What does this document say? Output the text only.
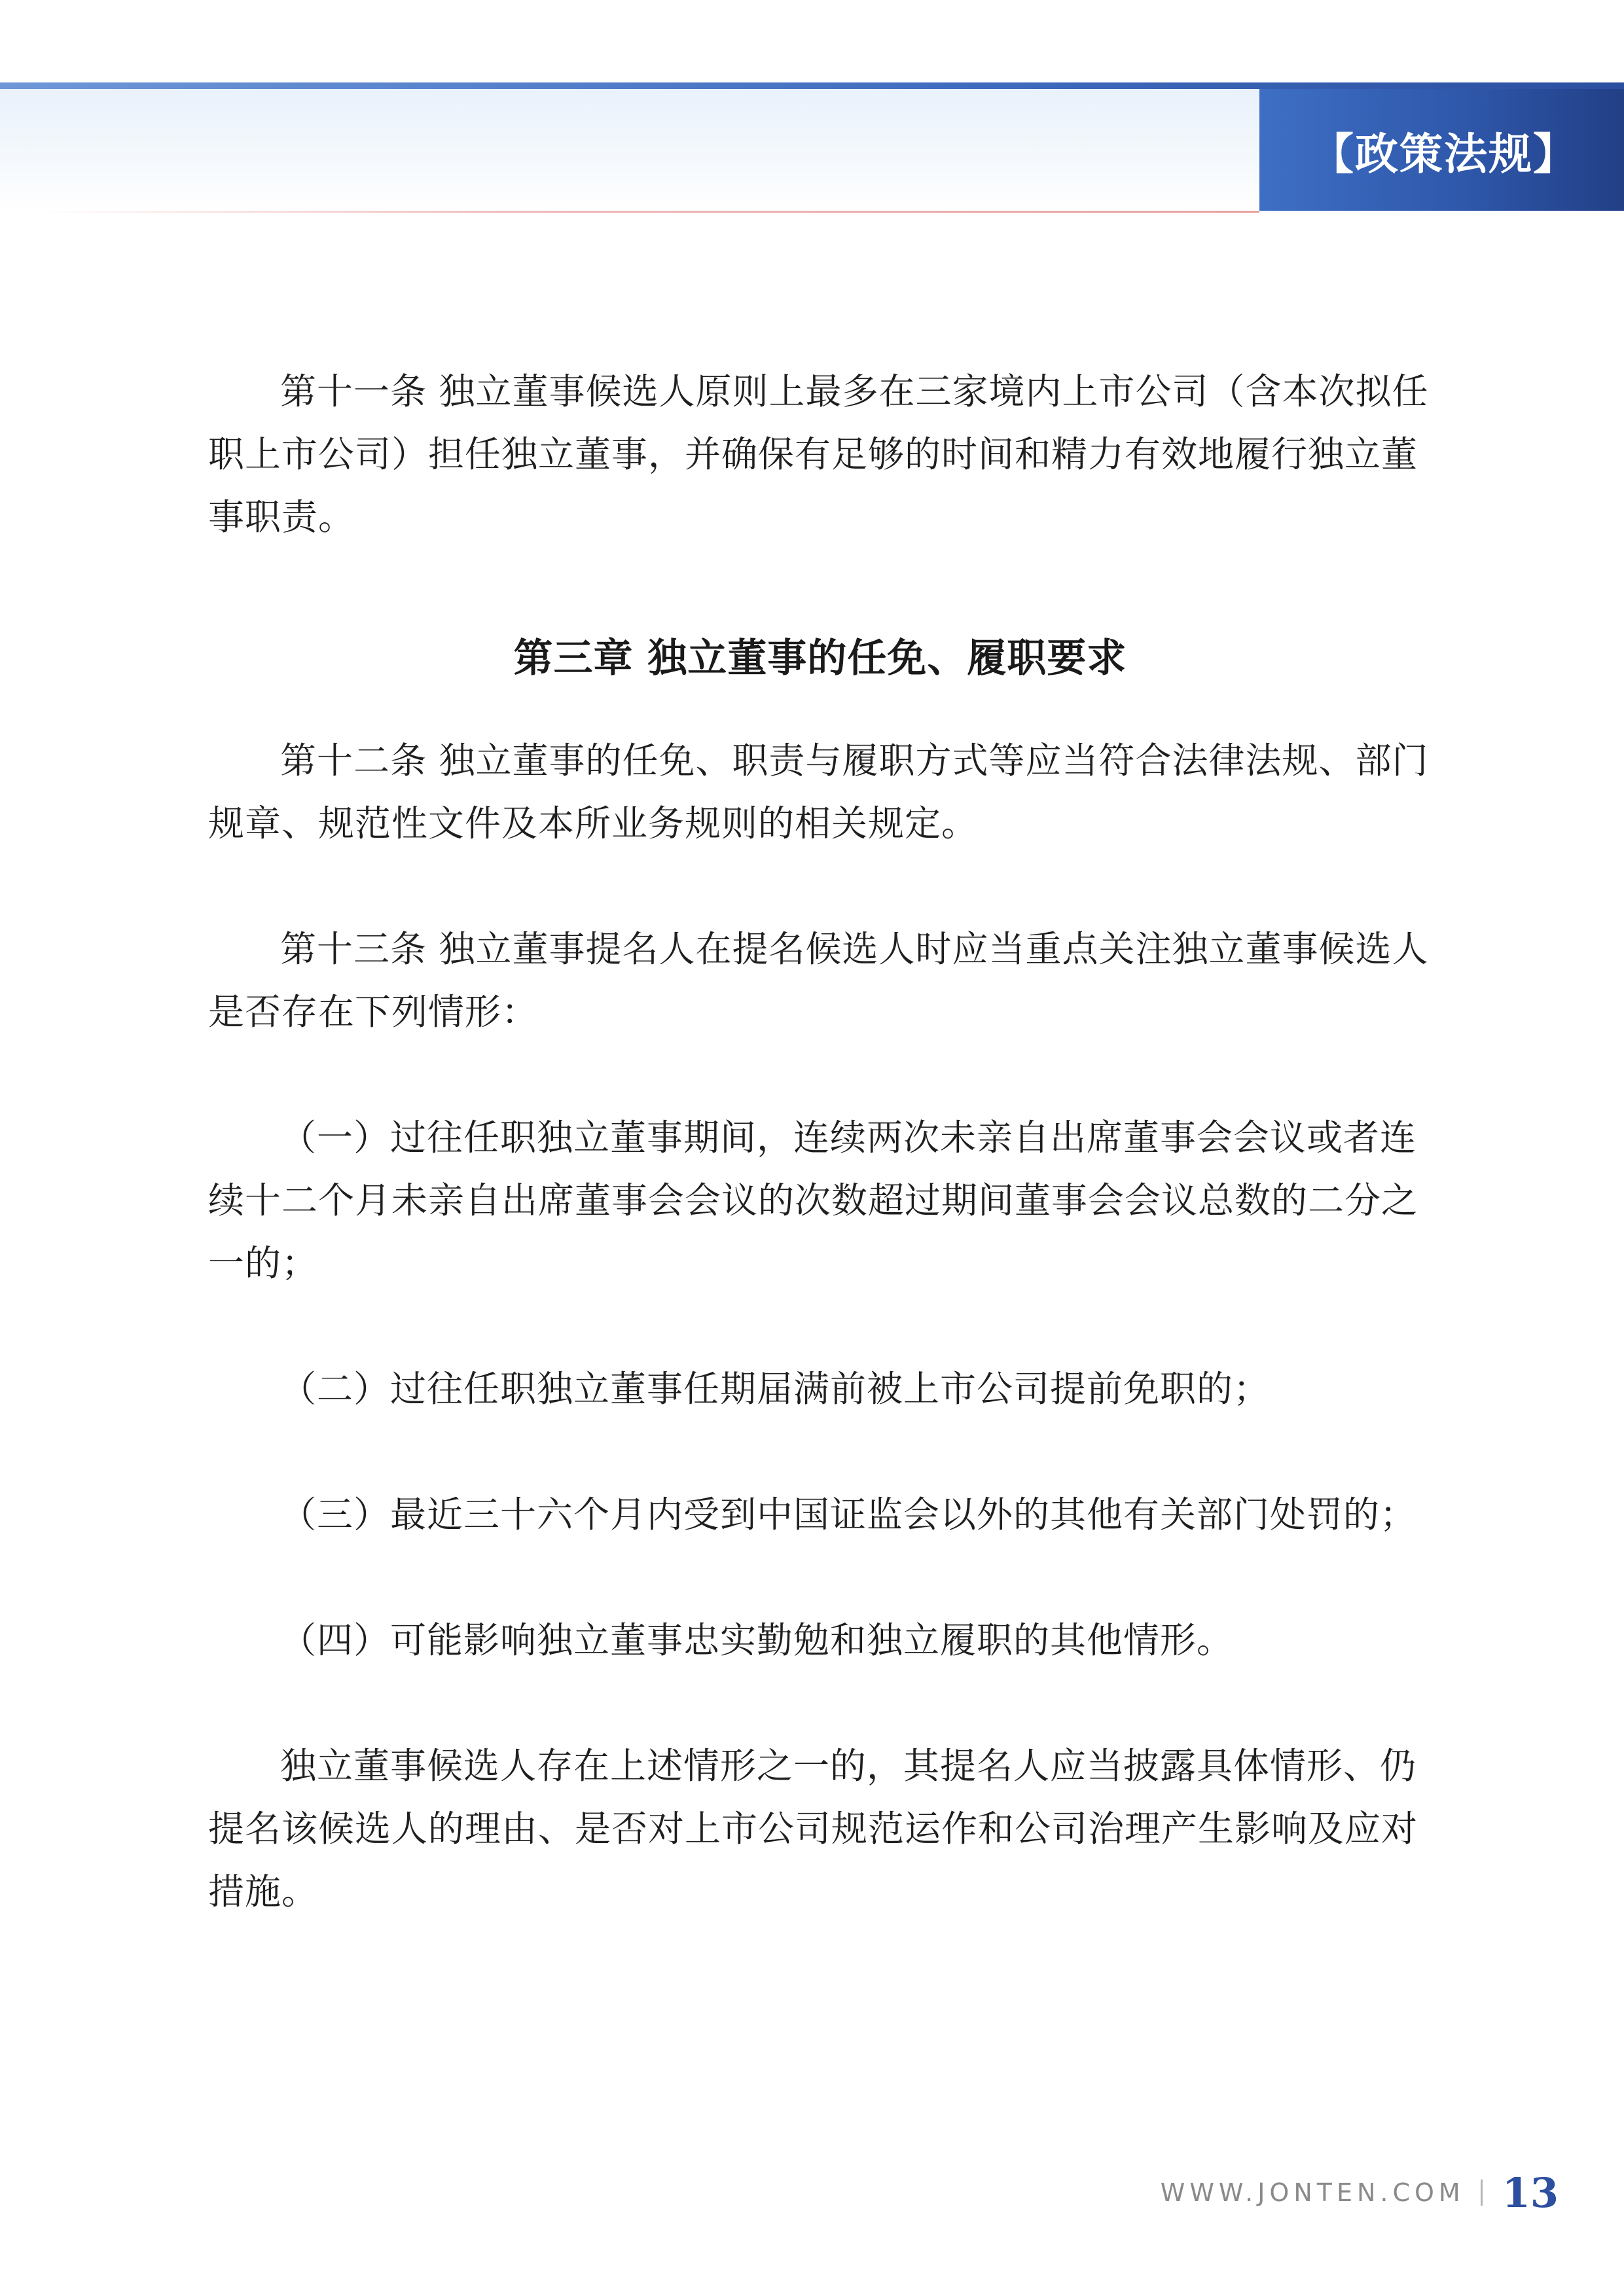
【政策法规】

第十一条 独立董事候选人原则上最多在三家境内上市公司（含本次拟任职上市公司）担任独立董事，并确保有足够的时间和精力有效地履行独立董事职责。

第三章 独立董事的任免、履职要求

第十二条 独立董事的任免、职责与履职方式等应当符合法律法规、部门规章、规范性文件及本所业务规则的相关规定。

第十三条 独立董事提名人在提名候选人时应当重点关注独立董事候选人是否存在下列情形：

（一）过往任职独立董事期间，连续两次未亲自出席董事会会议或者连续十二个月未亲自出席董事会会议的次数超过期间董事会会议总数的二分之一的；

（二）过往任职独立董事任期届满前被上市公司提前免职的；

（三）最近三十六个月内受到中国证监会以外的其他有关部门处罚的；

（四）可能影响独立董事忠实勤勉和独立履职的其他情形。

独立董事候选人存在上述情形之一的，其提名人应当披露具体情形、仍提名该候选人的理由、是否对上市公司规范运作和公司治理产生影响及应对措施。

WWW.JONTEN.COM 13
